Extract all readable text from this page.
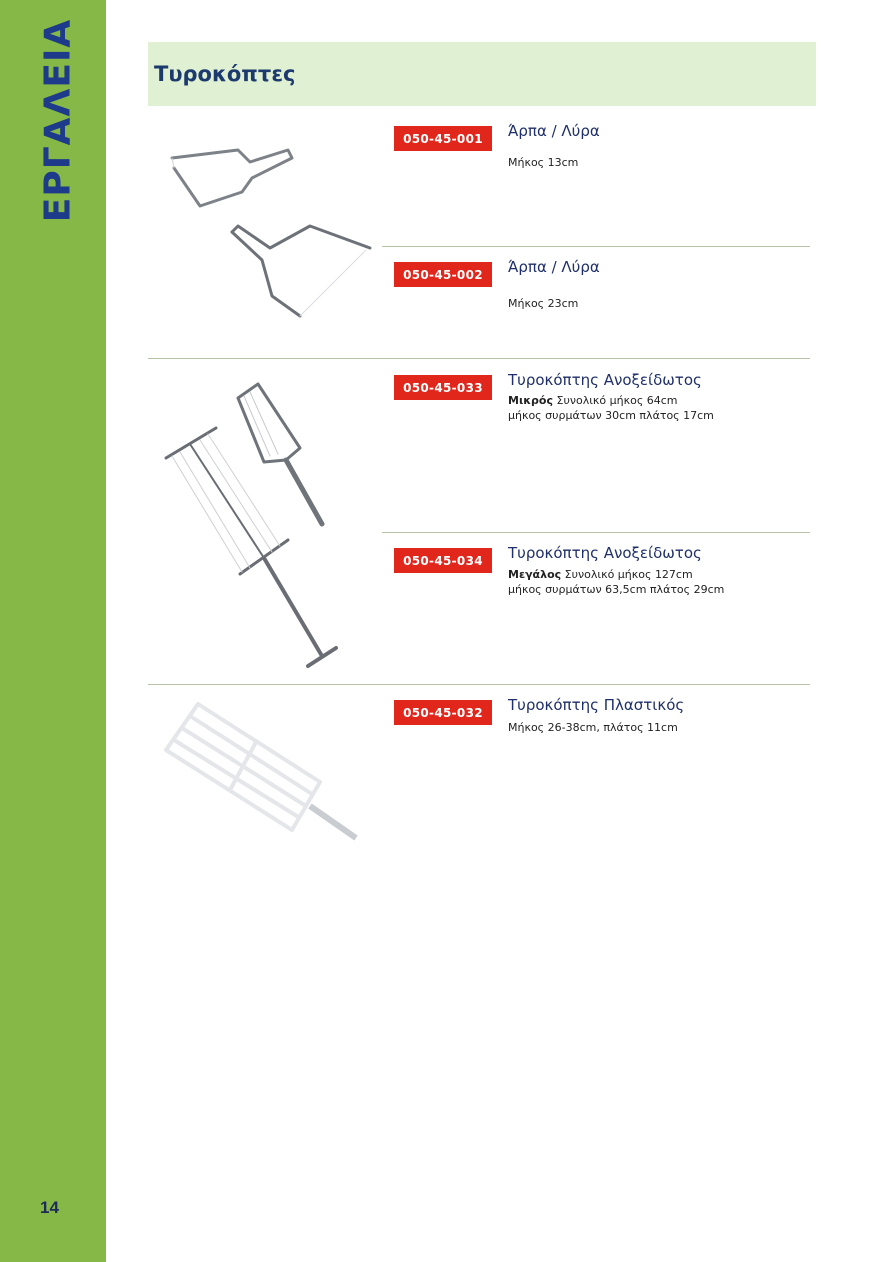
ΕΡΓΑΛΕΙΑ
14
Τυροκόπτες
050-45-001	Άρπα / Λύρα
Μήκος 13cm
050-45-002	Άρπα / Λύρα
Μήκος 23cm
050-45-033	Τυροκόπτης Ανοξείδωτος
Μικρός Συνολικό μήκος 64cm
μήκος συρμάτων 30cm πλάτος 17cm
050-45-034	Τυροκόπτης Ανοξείδωτος
Μεγάλος Συνολικό μήκος 127cm
μήκος συρμάτων 63,5cm πλάτος 29cm
050-45-032	Τυροκόπτης Πλαστικός
Μήκος 26-38cm, πλάτος 11cm
